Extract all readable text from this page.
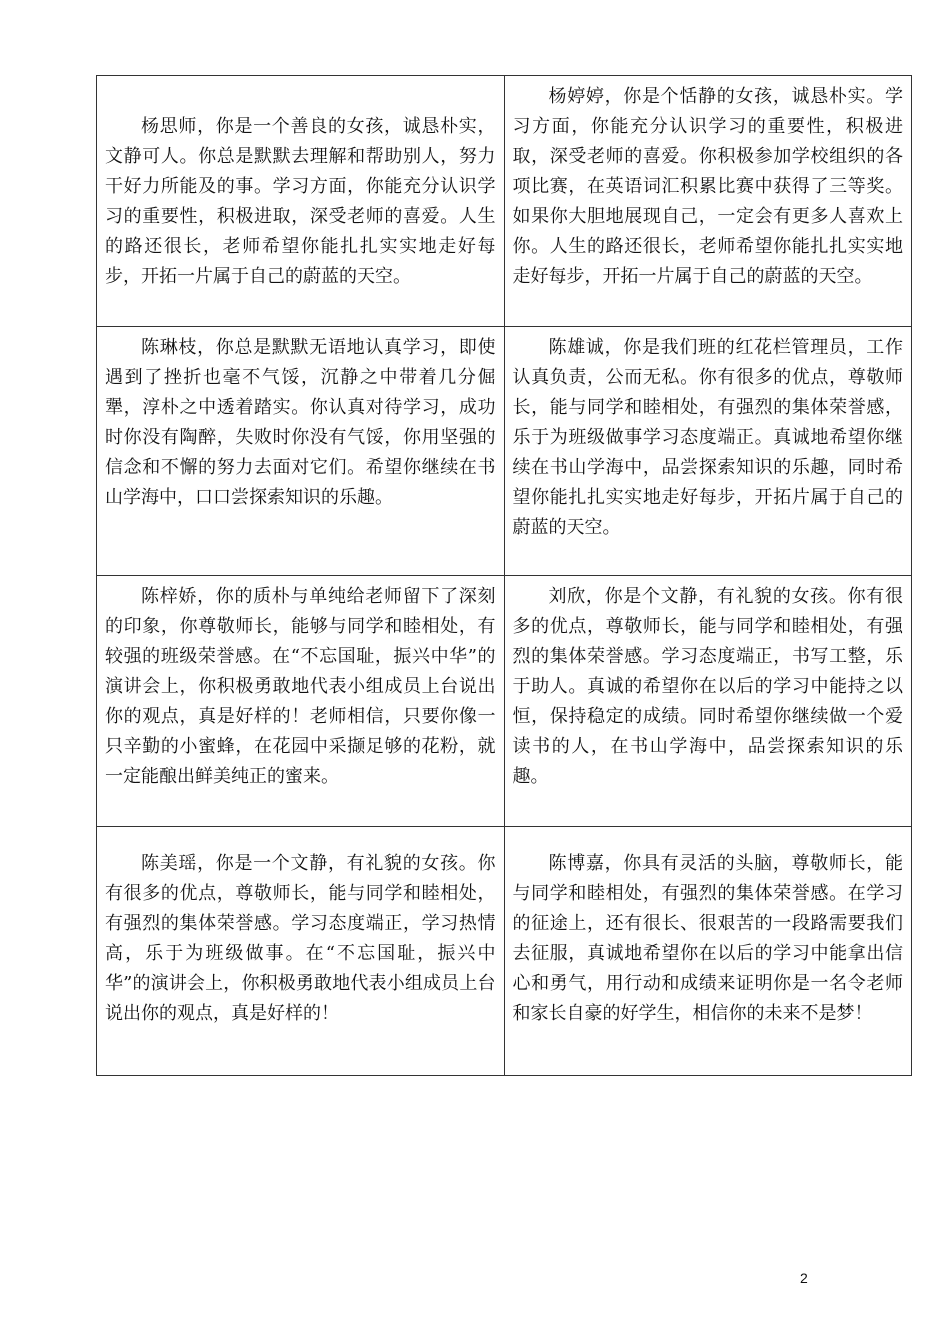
杨思师，你是一个善良的女孩，诚恳朴实，文静可人。你总是默默去理解和帮助别人，努力干好力所能及的事。学习方面，你能充分认识学习的重要性，积极进取，深受老师的喜爱。人生的路还很长，老师希望你能扎扎实实地走好每步，开拓一片属于自己的蔚蓝的天空。	杨婷婷，你是个恬静的女孩，诚恳朴实。学习方面，你能充分认识学习的重要性，积极进取，深受老师的喜爱。你积极参加学校组织的各项比赛，在英语词汇积累比赛中获得了三等奖。如果你大胆地展现自己，一定会有更多人喜欢上你。人生的路还很长，老师希望你能扎扎实实地走好每步，开拓一片属于自己的蔚蓝的天空。

陈琳枝，你总是默默无语地认真学习，即使遇到了挫折也毫不气馁，沉静之中带着几分倔犟，淳朴之中透着踏实。你认真对待学习，成功时你没有陶醉，失败时你没有气馁，你用坚强的信念和不懈的努力去面对它们。希望你继续在书山学海中，口口尝探索知识的乐趣。	陈雄诚，你是我们班的红花栏管理员，工作认真负责，公而无私。你有很多的优点，尊敬师长，能与同学和睦相处，有强烈的集体荣誉感，乐于为班级做事学习态度端正。真诚地希望你继续在书山学海中，品尝探索知识的乐趣，同时希望你能扎扎实实地走好每步，开拓片属于自己的蔚蓝的天空。

陈梓娇，你的质朴与单纯给老师留下了深刻的印象，你尊敬师长，能够与同学和睦相处，有较强的班级荣誉感。在“不忘国耻，振兴中华”的演讲会上，你积极勇敢地代表小组成员上台说出你的观点，真是好样的！老师相信，只要你像一只辛勤的小蜜蜂，在花园中采撷足够的花粉，就一定能酿出鲜美纯正的蜜来。	刘欣，你是个文静，有礼貌的女孩。你有很多的优点，尊敬师长，能与同学和睦相处，有强烈的集体荣誉感。学习态度端正，书写工整，乐于助人。真诚的希望你在以后的学习中能持之以恒，保持稳定的成绩。同时希望你继续做一个爱读书的人，在书山学海中，品尝探索知识的乐趣。

陈美瑶，你是一个文静，有礼貌的女孩。你有很多的优点，尊敬师长，能与同学和睦相处，有强烈的集体荣誉感。学习态度端正，学习热情高，乐于为班级做事。在“不忘国耻，振兴中华”的演讲会上，你积极勇敢地代表小组成员上台说出你的观点，真是好样的！	陈博嘉，你具有灵活的头脑，尊敬师长，能与同学和睦相处，有强烈的集体荣誉感。在学习的征途上，还有很长、很艰苦的一段路需要我们去征服，真诚地希望你在以后的学习中能拿出信心和勇气，用行动和成绩来证明你是一名令老师和家长自豪的好学生，相信你的未来不是梦！

2
